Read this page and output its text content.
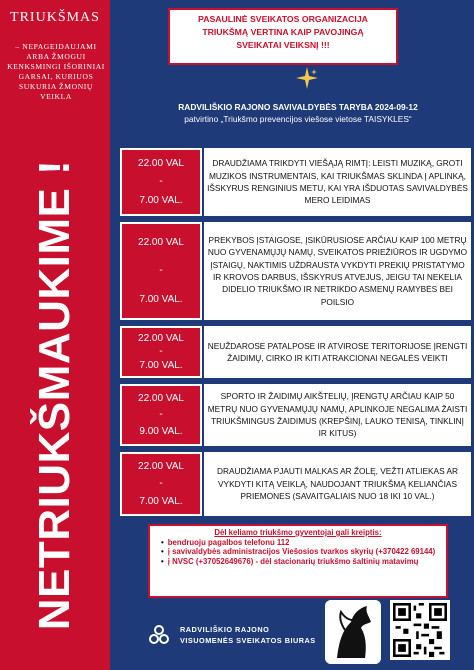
TRIUKŠMAS
– NEPAGEIDAUJAMI ARBA ŽMOGUI KENKSMINGI IŠORINIAI GARSAI, KURIUOS SUKURIA ŽMONIŲ VEIKLA
NETRIUKŠMAUKIME !
PASAULINĖ SVEIKATOS ORGANIZACIJA
TRIUKŠMĄ VERTINA KAIP PAVOJINGĄ
SVEIKATAI VEIKSNĮ !!!
RADVILIŠKIO RAJONO SAVIVALDYBĖS TARYBA 2024-09-12
patvirtino „Triukšmo prevencijos viešose vietose TAISYKLES“
22.00 VAL
-
7.00 VAL.
DRAUDŽIAMA TRIKDYTI VIEŠĄJĄ RIMTĮ: LEISTI MUZIKĄ, GROTI MUZIKOS INSTRUMENTAIS, KAI TRIUKŠMAS SKLINDA Į APLINKĄ, IŠSKYRUS RENGINIUS METU, KAI YRA IŠDUOTAS SAVIVALDYBĖS MERO LEIDIMAS
22.00 VAL
-
7.00 VAL.
PREKYBOS ĮSTAIGOSE, ĮSIKŪRUSIOSE ARČIAU KAIP 100 METRŲ NUO GYVENAMŲJŲ NAMŲ, SVEIKATOS PRIEŽIŪROS IR UGDYMO ĮSTAIGŲ, NAKTIMIS UŽDRAUSTA VYKDYTI PREKIŲ PRISTATYMO IR KROVOS DARBUS, IŠSKYRUS ATVEJUS, JEIGU TAI NEKELIA DIDELIO TRIUKŠMO IR NETRIKDO ASMENŲ RAMYBĖS BEI POILSIO
22.00 VAL
-
7.00 VAL.
NEUŽDAROSE PATALPOSE IR ATVIROSE TERITORIJOSE ĮRENGTI ŽAIDIMŲ, CIRKO IR KITI ATRAKCIONAI NEGALĖS VEIKTI
22.00 VAL
-
9.00 VAL.
SPORTO IR ŽAIDIMŲ AIKŠTELIŲ, ĮRENGTŲ ARČIAU KAIP 50 METRŲ NUO GYVENAMŲJŲ NAMŲ, APLINKOJE NEGALIMA ŽAISTI TRIUKŠMINGUS ŽAIDIMUS (KREPŠINĮ, LAUKO TENISĄ, TINKLINĮ IR KITUS)
22.00 VAL
-
7.00 VAL.
DRAUDŽIAMA PJAUTI MALKAS AR ŽOLĘ, VEŽTI ATLIEKAS AR VYKDYTI KITĄ VEIKLĄ, NAUDOJANT TRIUKŠMĄ KELIANČIAS PRIEMONES (SAVAITGALIAIS NUO 18 IKI 10 VAL.)
Dėl keliamo triukšmo gyventojai gali kreiptis:
• bendruoju pagalbos telefonu 112
• į savivaldybės administracijos Viešosios tvarkos skyrių (+370422 69144)
• į NVSC (+37052649676) - dėl stacionarių triukšmo šaltinių matavimų
RADVILIŠKIO RAJONO
VISUOMENĖS SVEIKATOS BIURAS
